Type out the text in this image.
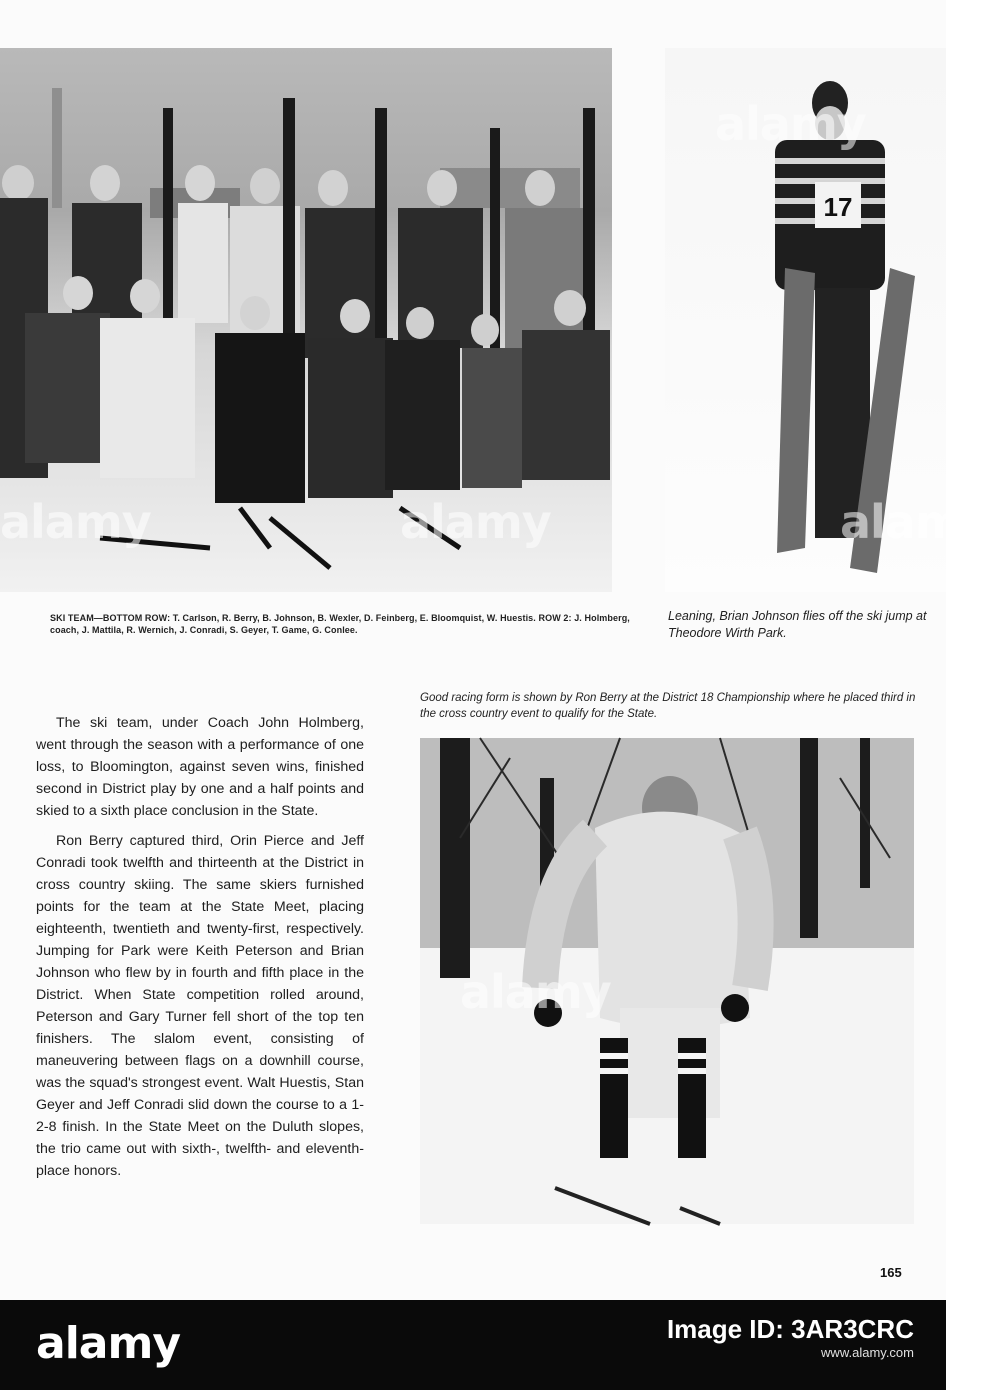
17
SKI TEAM—BOTTOM ROW: T. Carlson, R. Berry, B. Johnson, B. Wexler, D. Feinberg, E. Bloomquist, W. Huestis. ROW 2: J. Holmberg, coach, J. Mattila, R. Wernich, J. Conradi, S. Geyer, T. Game, G. Conlee.
Leaning, Brian Johnson flies off the ski jump at Theodore Wirth Park.
Good racing form is shown by Ron Berry at the District 18 Championship where he placed third in the cross country event to qualify for the State.

The ski team, under Coach John Holmberg, went through the season with a performance of one loss, to Bloomington, against seven wins, finished second in District play by one and a half points and skied to a sixth place conclusion in the State.

Ron Berry captured third, Orin Pierce and Jeff Conradi took twelfth and thirteenth at the District in cross country skiing. The same skiers furnished points for the team at the State Meet, placing eighteenth, twentieth and twenty-first, respectively. Jumping for Park were Keith Peterson and Brian Johnson who flew by in fourth and fifth place in the District. When State competition rolled around, Peterson and Gary Turner fell short of the top ten finishers. The slalom event, consisting of maneuvering between flags on a downhill course, was the squad's strongest event. Walt Huestis, Stan Geyer and Jeff Conradi slid down the course to a 1-2-8 finish. In the State Meet on the Duluth slopes, the trio came out with sixth-, twelfth- and eleventh-place honors.

165
alamy
alamy	alamy	alamy
alamy
alamy	Image ID: 3AR3CRC
www.alamy.com
